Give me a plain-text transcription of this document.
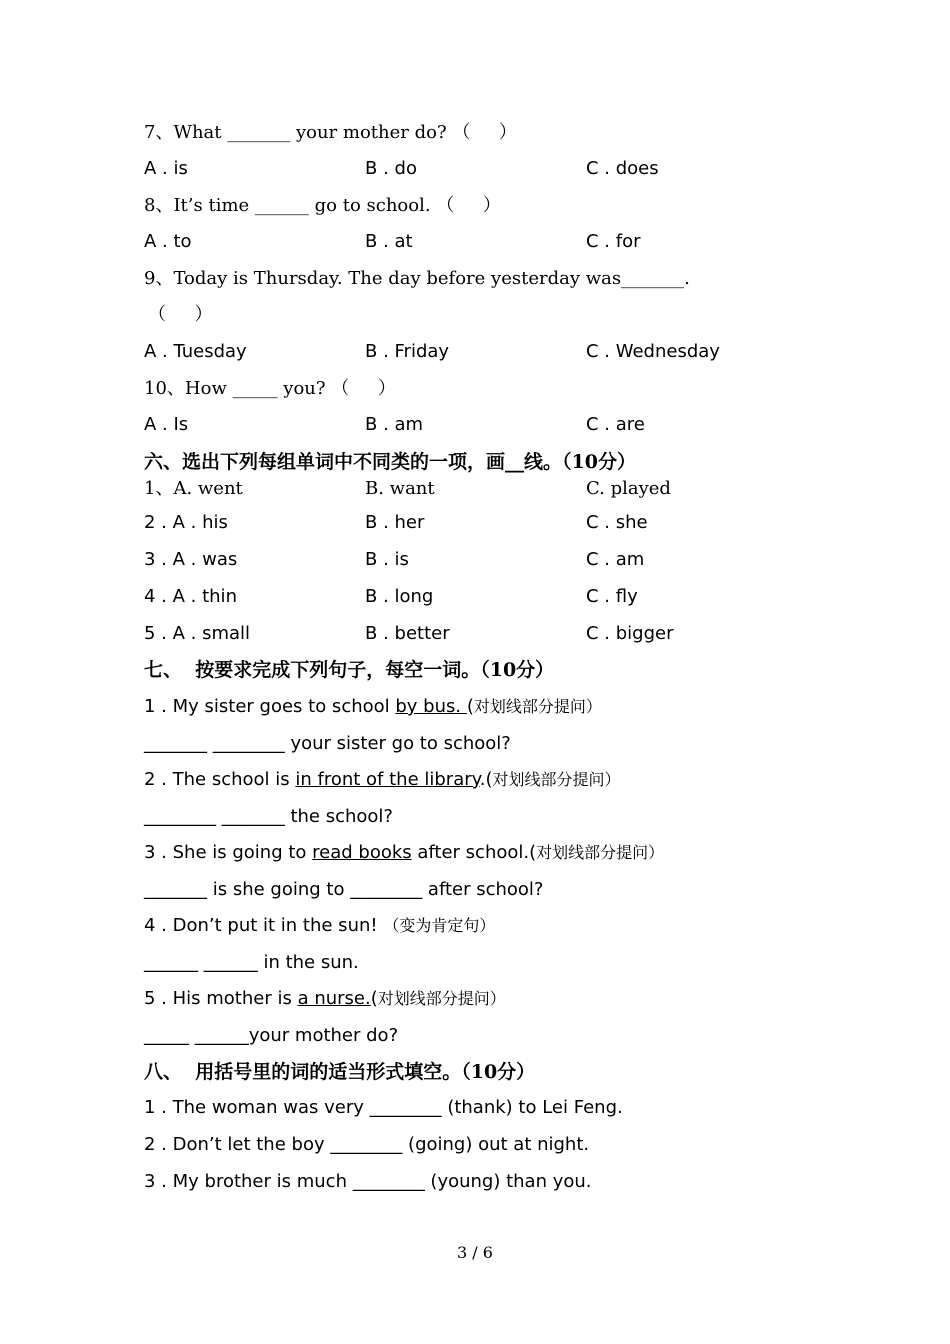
7、What _______ your mother do? （     ）
A . is	B . do	C . does
8、It’s time ______ go to school. （     ）
A . to	B . at	C . for
9、Today is Thursday. The day before yesterday was_______.
（     ）
A . Tuesday	B . Friday	C . Wednesday
10、How _____ you? （     ）
A . Is	B . am	C . are
六、选出下列每组单词中不同类的一项，画__线。（10分）
1、A. went	B. want	C. played
2 . A . his	B . her	C . she
3 . A . was	B . is	C . am
4 . A . thin	B . long	C . fly
5 . A . small	B . better	C . bigger
七、  按要求完成下列句子，每空一词。（10分）
1 . My sister goes to school by bus. (对划线部分提问）
_______ ________ your sister go to school?
2 . The school is in front of the library.(对划线部分提问）
________ _______ the school?
3 . She is going to read books after school.(对划线部分提问）
_______ is she going to ________ after school?
4 . Don’t put it in the sun! （变为肯定句）
______ ______ in the sun.
5 . His mother is a nurse.(对划线部分提问）
_____ ______your mother do?
八、  用括号里的词的适当形式填空。（10分）
1 . The woman was very ________ (thank) to Lei Feng.
2 . Don’t let the boy ________ (going) out at night.
3 . My brother is much ________ (young) than you.
3 / 6
